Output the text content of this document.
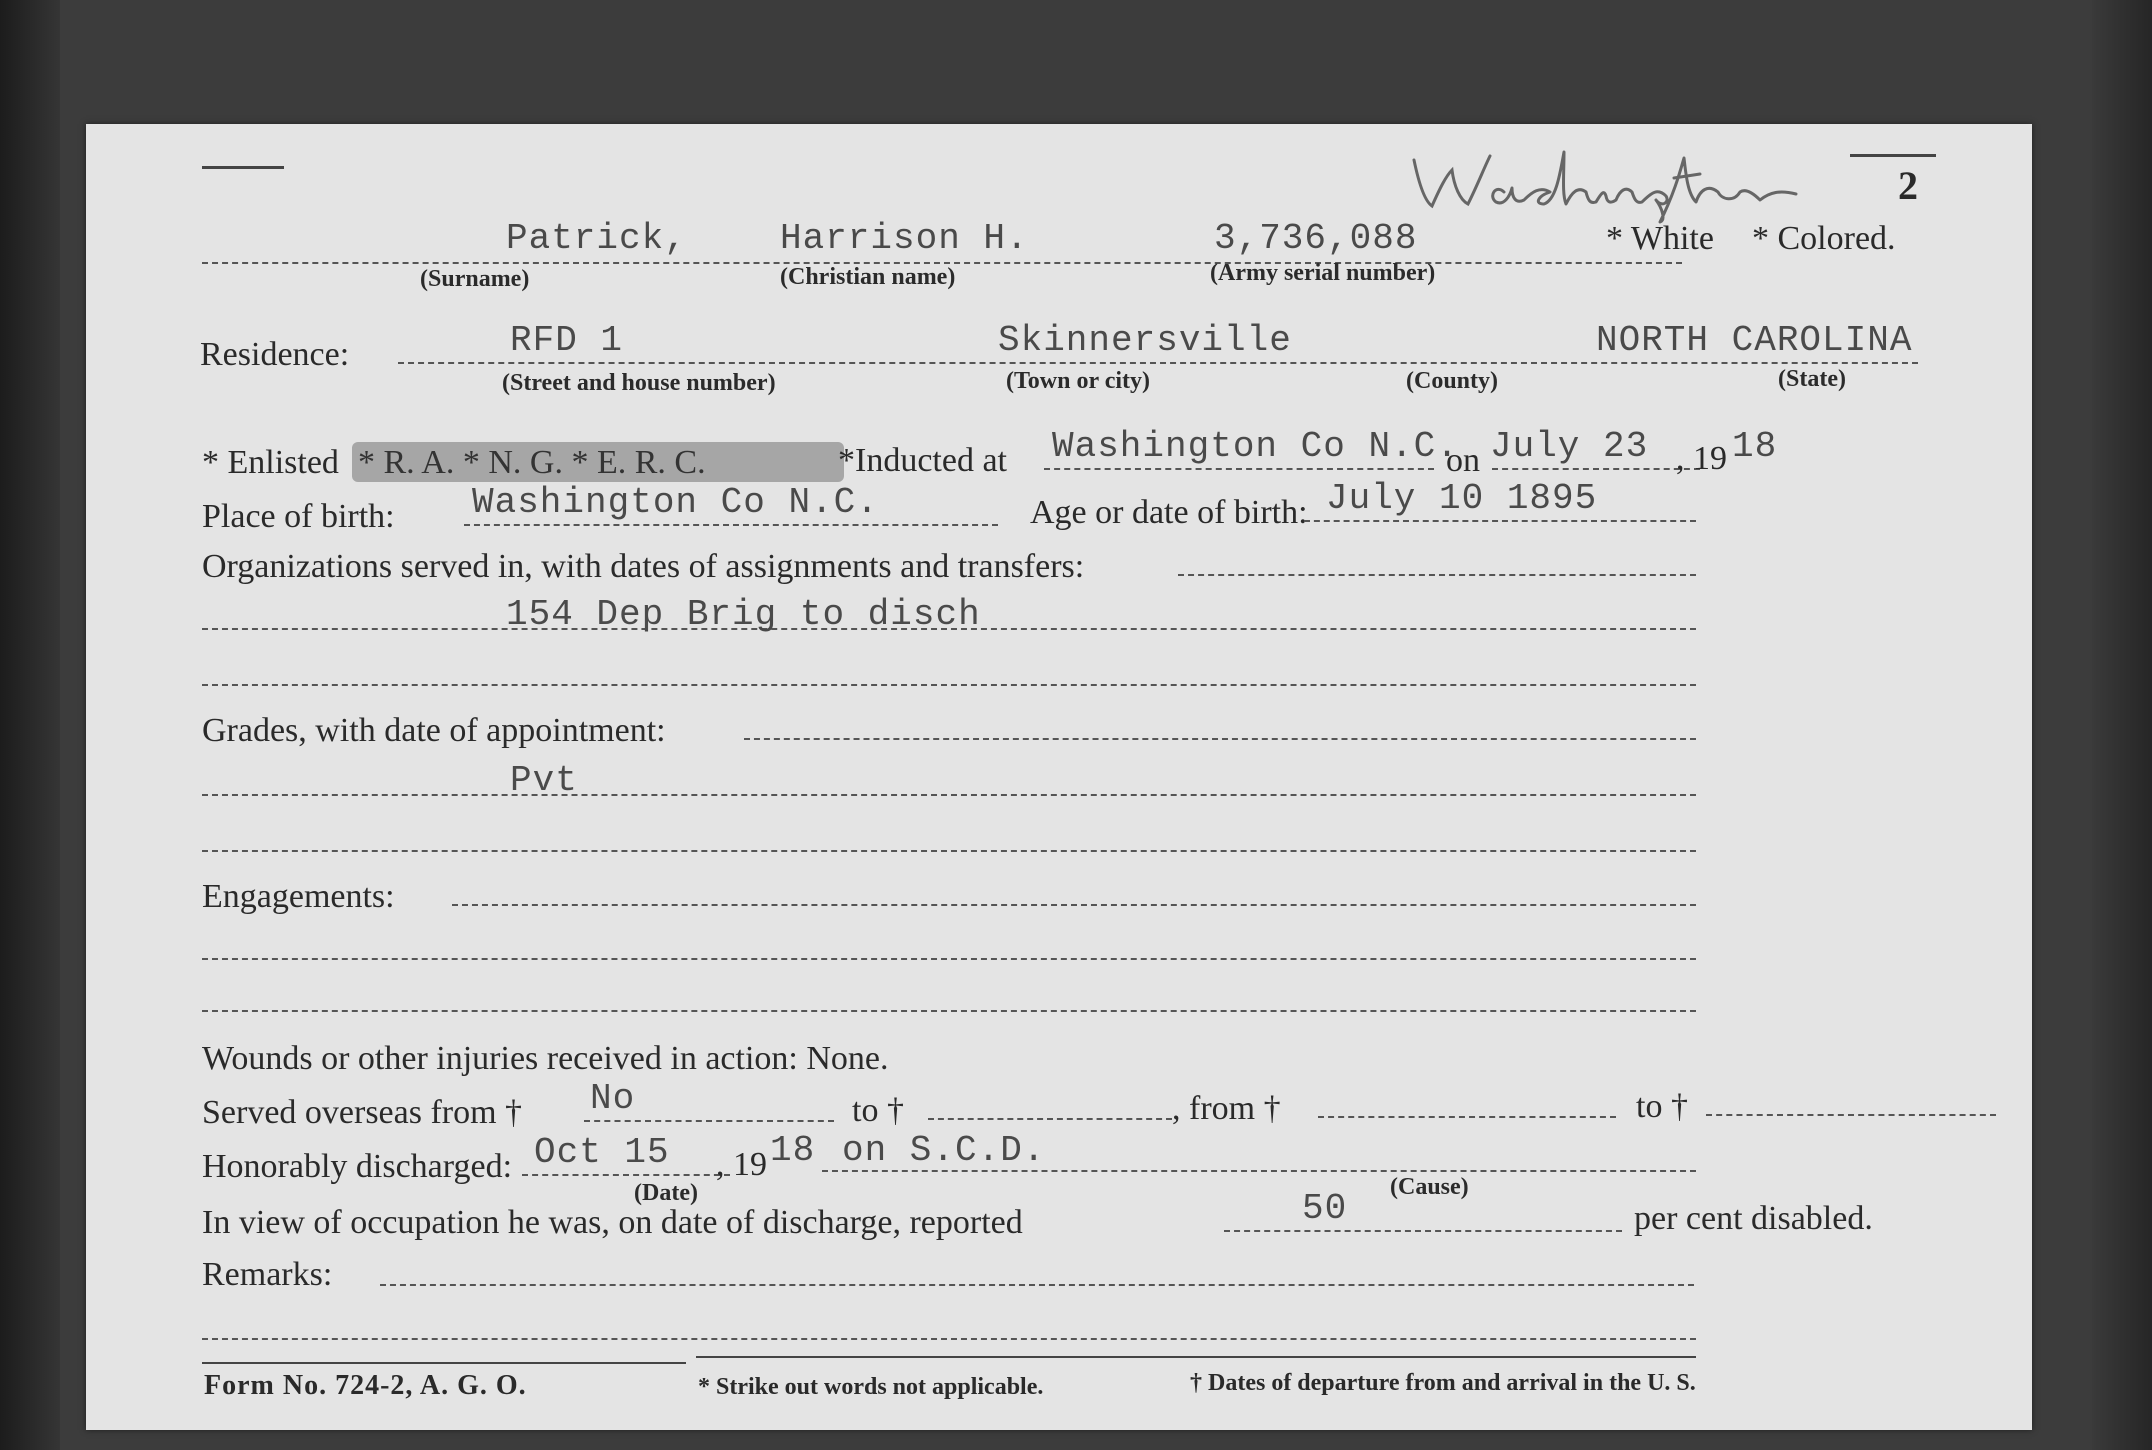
2
Patrick,	Harrison H.	3,736,088	* White * Colored.
(Surname)	(Christian name)	(Army serial number)
Residence:	RFD 1	Skinnersville	NORTH CAROLINA
(Street and house number)	(Town or city)	(County)	(State)
* Enlisted * R. A. * N. G. * E. R. C.	*Inducted at Washington Co N.C.
on July 23 , 19 18
Place of birth: Washington Co N.C.	Age or date of birth: July 10 1895
Organizations served in, with dates of assignments and transfers:
154 Dep Brig to disch
Grades, with date of appointment:
Pvt
Engagements:
Wounds or other injuries received in action: None.
Served overseas from † No	to †	, from †	to †
Honorably discharged: Oct 15 , 19 18 on S.C.D.
(Date)	(Cause)
In view of occupation he was, on date of discharge, reported	50	per cent disabled.
Remarks:
Form No. 724-2, A. G. O.	* Strike out words not applicable.	† Dates of departure from and arrival in the U. S.
